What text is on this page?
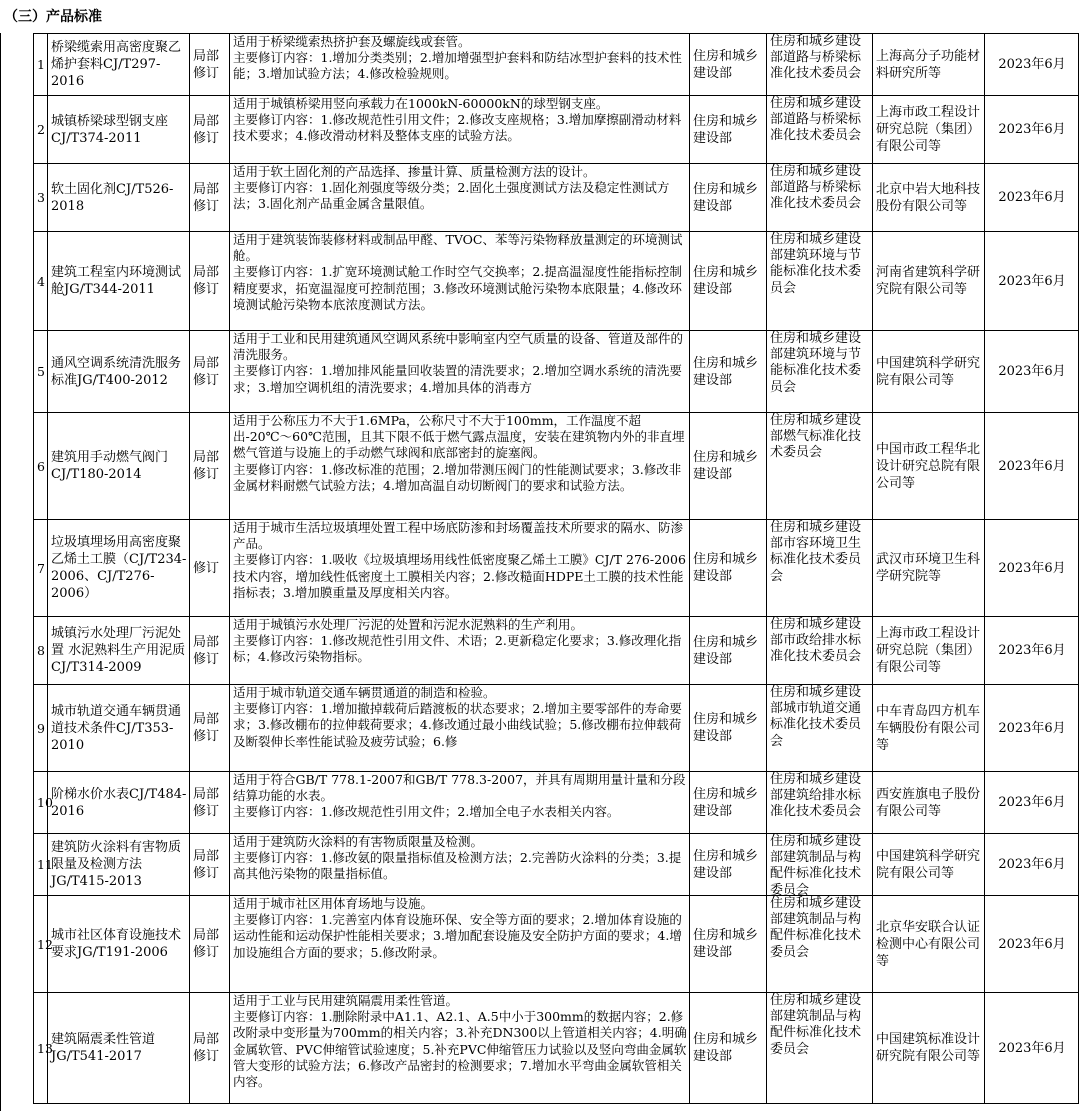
（三）产品标准
1	桥梁缆索用高密度聚乙烯护套料CJ/T297-2016	局部修订	适用于桥梁缆索热挤护套及螺旋线或套管。
主要修订内容：1.增加分类类别；2.增加增强型护套料和防结冰型护套料的技术性能；3.增加试验方法；4.修改检验规则。	住房和城乡建设部	住房和城乡建设部道路与桥梁标准化技术委员会	上海高分子功能材料研究所等	2023年6月

2	城镇桥梁球型钢支座CJ/T374-2011	局部修订	适用于城镇桥梁用竖向承载力在1000kN-60000kN的球型钢支座。
主要修订内容：1.修改规范性引用文件；2.修改支座规格；3.增加摩擦副滑动材料技术要求；4.修改滑动材料及整体支座的试验方法。	住房和城乡建设部	住房和城乡建设部道路与桥梁标准化技术委员会	上海市政工程设计研究总院（集团）有限公司等	2023年6月

3	软土固化剂CJ/T526-2018	局部修订	适用于软土固化剂的产品选择、掺量计算、质量检测方法的设计。
主要修订内容：1.固化剂强度等级分类；2.固化土强度测试方法及稳定性测试方法；3.固化剂产品重金属含量限值。	住房和城乡建设部	住房和城乡建设部道路与桥梁标准化技术委员会	北京中岩大地科技股份有限公司等	2023年6月

4	建筑工程室内环境测试舱JG/T344-2011	局部修订	适用于建筑装饰装修材料或制品甲醛、TVOC、苯等污染物释放量测定的环境测试舱。
主要修订内容：1.扩宽环境测试舱工作时空气交换率；2.提高温湿度性能指标控制精度要求，拓宽温湿度可控制范围；3.修改环境测试舱污染物本底限量；4.修改环境测试舱污染物本底浓度测试方法。	住房和城乡建设部	住房和城乡建设部建筑环境与节能标准化技术委员会	河南省建筑科学研究院有限公司等	2023年6月

5	通风空调系统清洗服务标准JG/T400-2012	局部修订	适用于工业和民用建筑通风空调风系统中影响室内空气质量的设备、管道及部件的清洗服务。
主要修订内容：1.增加排风能量回收装置的清洗要求；2.增加空调水系统的清洗要求；3.增加空调机组的清洗要求；4.增加具体的消毒方	住房和城乡建设部	住房和城乡建设部建筑环境与节能标准化技术委员会	中国建筑科学研究院有限公司等	2023年6月

6	建筑用手动燃气阀门CJ/T180-2014	局部修订	适用于公称压力不大于1.6MPa，公称尺寸不大于100mm，工作温度不超出-20℃～60℃范围，且其下限不低于燃气露点温度，安装在建筑物内外的非直埋燃气管道与设施上的手动燃气球阀和底部密封的旋塞阀。
主要修订内容：1.修改标准的范围；2.增加带测压阀门的性能测试要求；3.修改非金属材料耐燃气试验方法；4.增加高温自动切断阀门的要求和试验方法。	住房和城乡建设部	住房和城乡建设部燃气标准化技术委员会	中国市政工程华北设计研究总院有限公司等	2023年6月

7	垃圾填埋场用高密度聚乙烯土工膜（CJ/T234-2006、CJ/T276-2006）	修订	适用于城市生活垃圾填埋处置工程中场底防渗和封场覆盖技术所要求的隔水、防渗产品。
主要修订内容：1.吸收《垃圾填埋场用线性低密度聚乙烯土工膜》CJ/T 276-2006技术内容，增加线性低密度土工膜相关内容；2.修改糙面HDPE土工膜的技术性能指标表；3.增加膜重量及厚度相关内容。	住房和城乡建设部	住房和城乡建设部市容环境卫生标准化技术委员会	武汉市环境卫生科学研究院等	2023年6月

8	城镇污水处理厂污泥处置 水泥熟料生产用泥质CJ/T314-2009	局部修订	适用于城镇污水处理厂污泥的处置和污泥水泥熟料的生产利用。
主要修订内容：1.修改规范性引用文件、术语；2.更新稳定化要求；3.修改理化指标；4.修改污染物指标。	住房和城乡建设部	住房和城乡建设部市政给排水标准化技术委员会	上海市政工程设计研究总院（集团）有限公司等	2023年6月

9	城市轨道交通车辆贯通道技术条件CJ/T353-2010	局部修订	适用于城市轨道交通车辆贯通道的制造和检验。
主要修订内容：1.增加撤掉载荷后踏渡板的状态要求；2.增加主要零部件的寿命要求；3.修改棚布的拉伸载荷要求；4.修改通过最小曲线试验；5.修改棚布拉伸载荷及断裂伸长率性能试验及疲劳试验；6.修	住房和城乡建设部	住房和城乡建设部城市轨道交通标准化技术委员会	中车青岛四方机车车辆股份有限公司等	2023年6月

10	阶梯水价水表CJ/T484-2016	局部修订	适用于符合GB/T 778.1-2007和GB/T 778.3-2007，并具有周期用量计量和分段结算功能的水表。
主要修订内容：1.修改规范性引用文件；2.增加全电子水表相关内容。	住房和城乡建设部	住房和城乡建设部建筑给排水标准化技术委员会	西安旌旗电子股份有限公司等	2023年6月

11	建筑防火涂料有害物质限量及检测方法JG/T415-2013	局部修订	适用于建筑防火涂料的有害物质限量及检测。
主要修订内容：1.修改氨的限量指标值及检测方法；2.完善防火涂料的分类；3.提高其他污染物的限量指标值。	住房和城乡建设部	住房和城乡建设部建筑制品与构配件标准化技术委员会	中国建筑科学研究院有限公司等	2023年6月

12	城市社区体育设施技术要求JG/T191-2006	局部修订	适用于城市社区用体育场地与设施。
主要修订内容：1.完善室内体育设施环保、安全等方面的要求；2.增加体育设施的运动性能和运动保护性能相关要求；3.增加配套设施及安全防护方面的要求；4.增加设施组合方面的要求；5.修改附录。	住房和城乡建设部	住房和城乡建设部建筑制品与构配件标准化技术委员会	北京华安联合认证检测中心有限公司等	2023年6月

13	建筑隔震柔性管道JG/T541-2017	局部修订	适用于工业与民用建筑隔震用柔性管道。
主要修订内容：1.删除附录中A1.1、A2.1、A.5中小于300mm的数据内容；2.修改附录中变形量为700mm的相关内容；3.补充DN300以上管道相关内容；4.明确金属软管、PVC伸缩管试验速度；5.补充PVC伸缩管压力试验以及竖向弯曲金属软管大变形的试验方法；6.修改产品密封的检测要求；7.增加水平弯曲金属软管相关内容。	住房和城乡建设部	住房和城乡建设部建筑制品与构配件标准化技术委员会	中国建筑标准设计研究院有限公司等	2023年6月
